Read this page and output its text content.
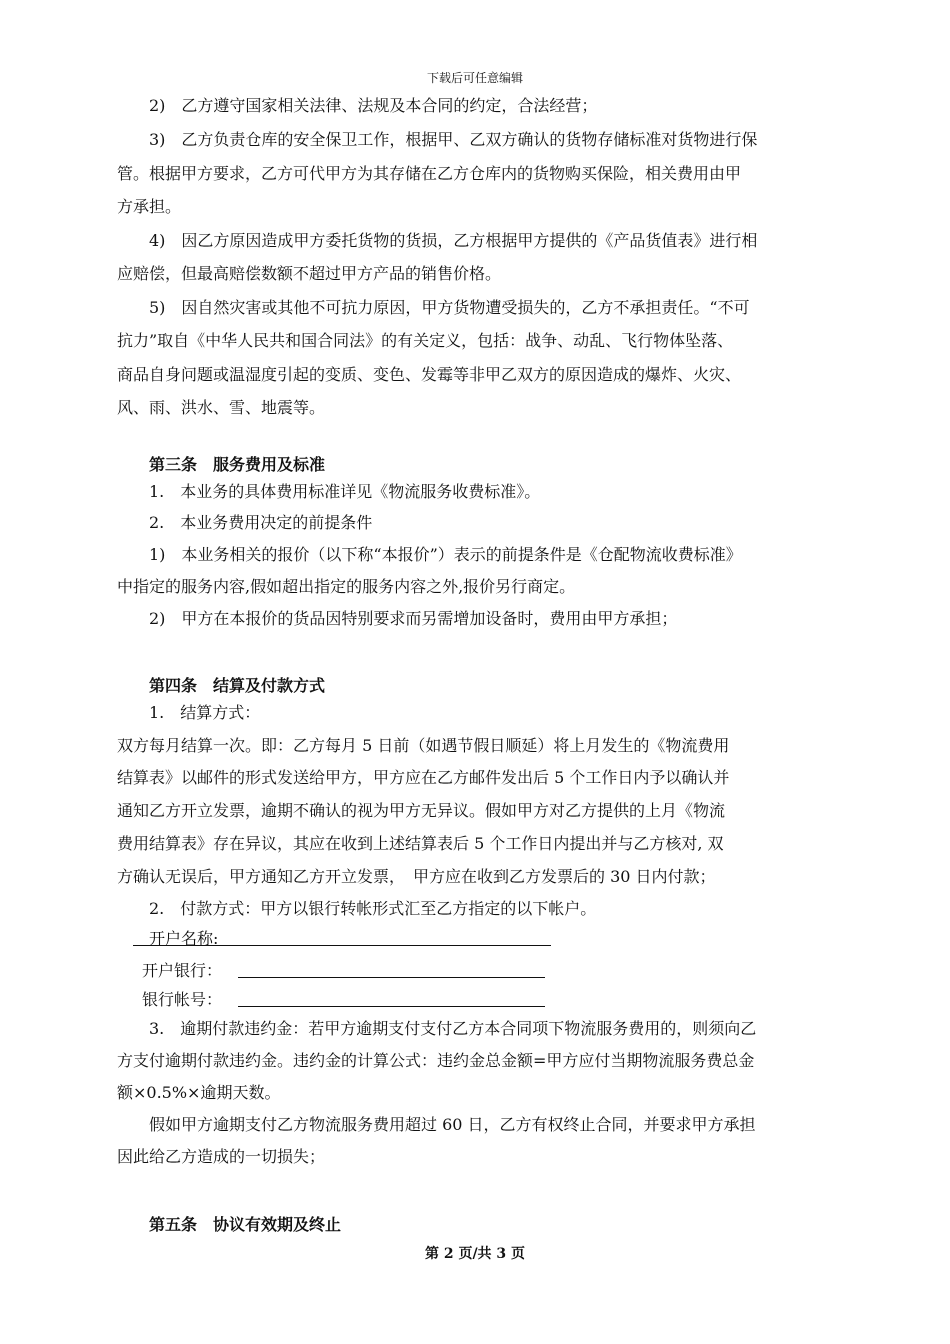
下载后可任意编辑
2)　乙方遵守国家相关法律、法规及本合同的约定，合法经营；
3)　乙方负责仓库的安全保卫工作，根据甲、乙双方确认的货物存储标准对货物进行保
管。根据甲方要求，乙方可代甲方为其存储在乙方仓库内的货物购买保险，相关费用由甲
方承担。
4)　因乙方原因造成甲方委托货物的货损，乙方根据甲方提供的《产品货值表》进行相
应赔偿，但最高赔偿数额不超过甲方产品的销售价格。
5)　因自然灾害或其他不可抗力原因，甲方货物遭受损失的，乙方不承担责任。“不可
抗力”取自《中华人民共和国合同法》的有关定义，包括：战争、动乱、飞行物体坠落、
商品自身问题或温湿度引起的变质、变色、发霉等非甲乙双方的原因造成的爆炸、火灾、
风、雨、洪水、雪、地震等。
第三条　服务费用及标准
1.　本业务的具体费用标准详见《物流服务收费标准》。
2.　本业务费用决定的前提条件
1)　本业务相关的报价（以下称“本报价”）表示的前提条件是《仓配物流收费标准》
中指定的服务内容,假如超出指定的服务内容之外,报价另行商定。
2)　甲方在本报价的货品因特别要求而另需增加设备时，费用由甲方承担；
第四条　结算及付款方式
1.　结算方式：
双方每月结算一次。即：乙方每月 5 日前（如遇节假日顺延）将上月发生的《物流费用
结算表》以邮件的形式发送给甲方，甲方应在乙方邮件发出后 5 个工作日内予以确认并
通知乙方开立发票，逾期不确认的视为甲方无异议。假如甲方对乙方提供的上月《物流
费用结算表》存在异议，其应在收到上述结算表后 5 个工作日内提出并与乙方核对, 双
方确认无误后，甲方通知乙方开立发票，　甲方应在收到乙方发票后的 30 日内付款；
2.　付款方式：甲方以银行转帐形式汇至乙方指定的以下帐户。
开户名称:
开户银行：
银行帐号：
3.　逾期付款违约金：若甲方逾期支付支付乙方本合同项下物流服务费用的，则须向乙
方支付逾期付款违约金。违约金的计算公式：违约金总金额=甲方应付当期物流服务费总金
额×0.5%×逾期天数。
假如甲方逾期支付乙方物流服务费用超过 60 日，乙方有权终止合同，并要求甲方承担
因此给乙方造成的一切损失；
第五条　协议有效期及终止
第 2 页/共 3 页
